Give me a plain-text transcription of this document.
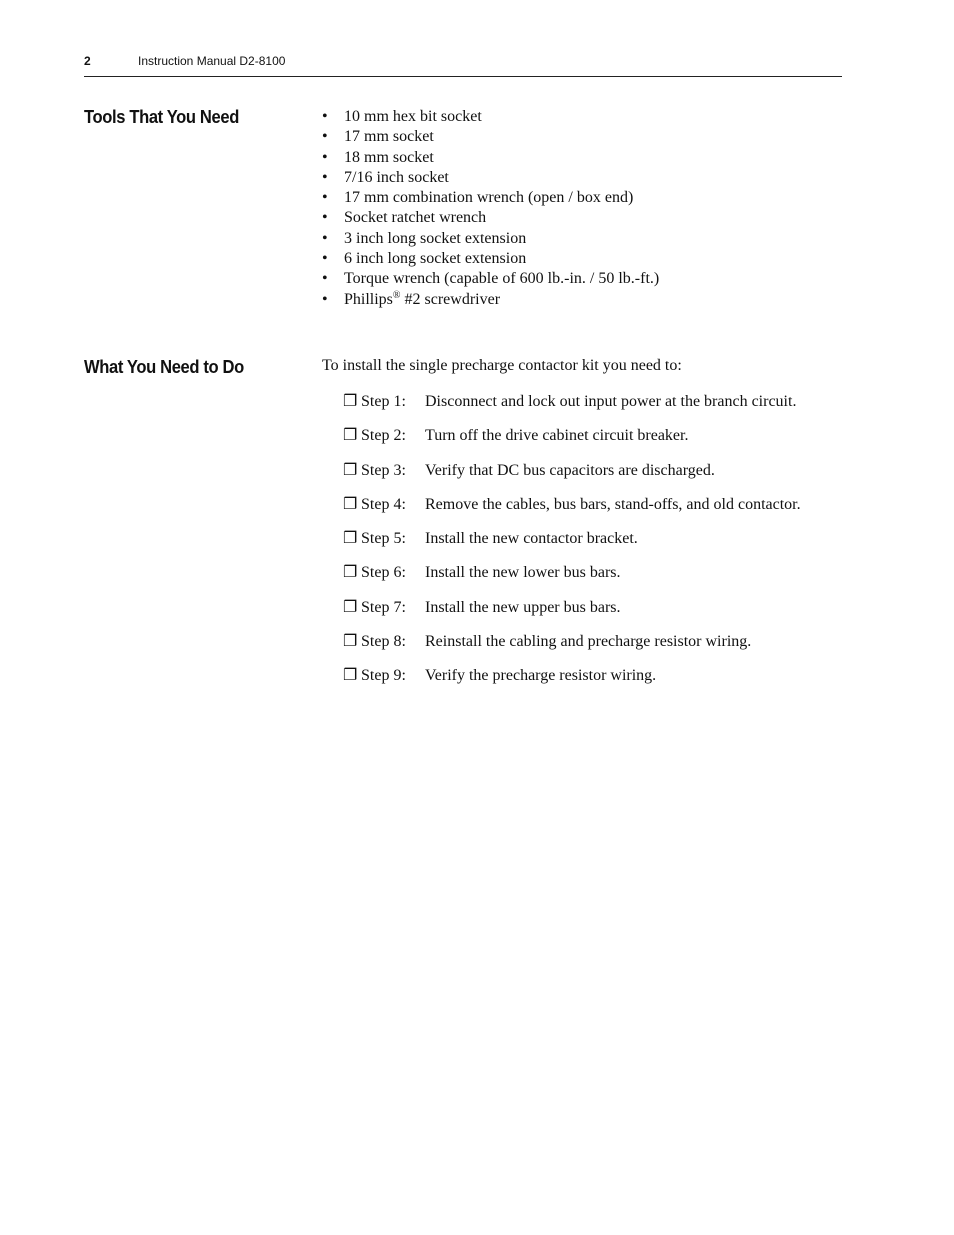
2	Instruction Manual D2-8100
Tools That You Need	• 10 mm hex bit socket
• 17 mm socket
• 18 mm socket
• 7/16 inch socket
• 17 mm combination wrench (open / box end)
• Socket ratchet wrench
• 3 inch long socket extension
• 6 inch long socket extension
• Torque wrench (capable of 600 lb.-in. / 50 lb.-ft.)
• Phillips® #2 screwdriver
What You Need to Do	To install the single precharge contactor kit you need to:

❐ Step 1: Disconnect and lock out input power at the branch circuit.
❐ Step 2: Turn off the drive cabinet circuit breaker.
❐ Step 3: Verify that DC bus capacitors are discharged.
❐ Step 4: Remove the cables, bus bars, stand-offs, and old contactor.
❐ Step 5: Install the new contactor bracket.
❐ Step 6: Install the new lower bus bars.
❐ Step 7: Install the new upper bus bars.
❐ Step 8: Reinstall the cabling and precharge resistor wiring.
❐ Step 9: Verify the precharge resistor wiring.
